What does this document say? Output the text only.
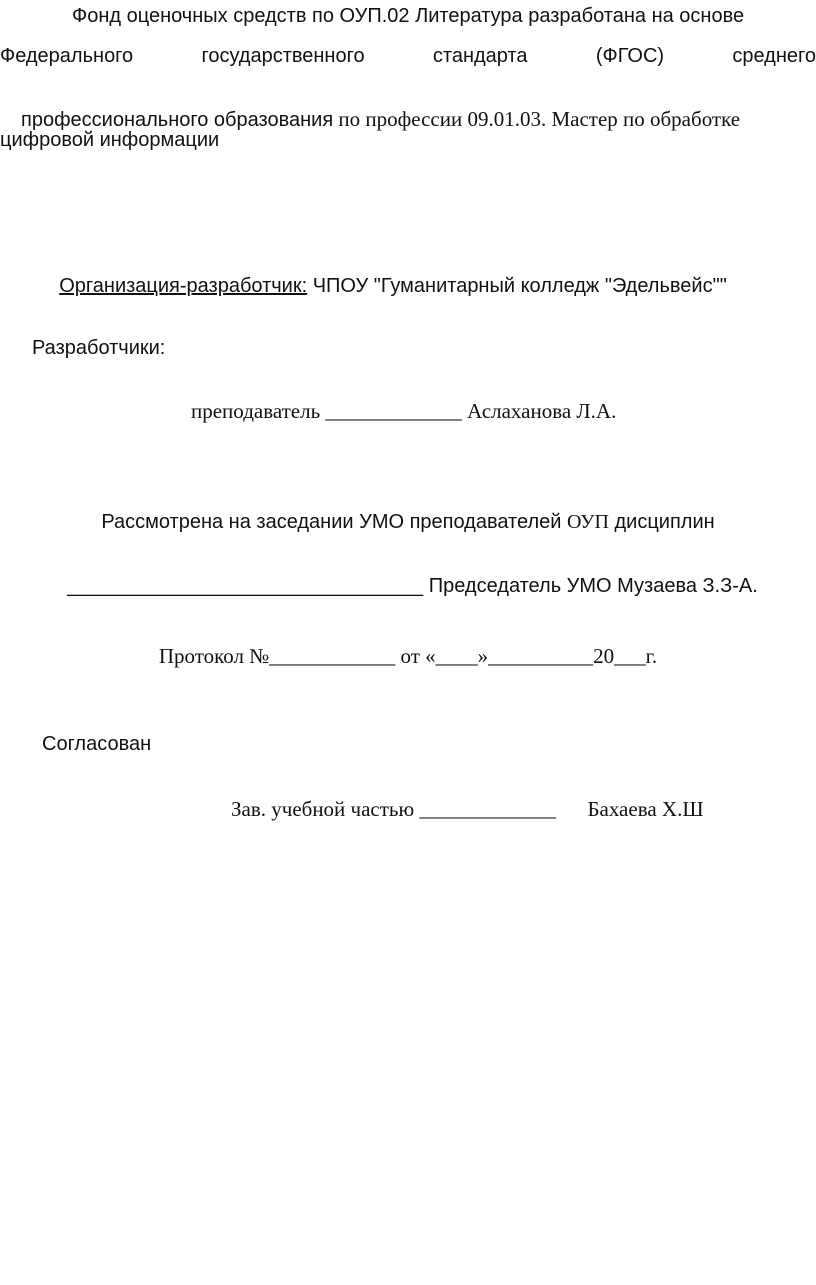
Фонд оценочных средств по ОУП.02 Литература разработана на основе
Федерального государственного стандарта (ФГОС) среднего

профессионального образования по профессии 09.01.03. Мастер по обработке

цифровой информации

Организация-разработчик: ЧПОУ "Гуманитарный колледж "Эдельвейс""

Разработчики:

преподаватель _____________ Аслаханова Л.А.

Рассмотрена на заседании УМО преподавателей ОУП дисциплин

________________________________ Председатель УМО Музаева З.З-А.

Протокол №____________ от «____»__________20___г.
Согласован

Зав. учебной частью _____________ Бахаева Х.Ш
